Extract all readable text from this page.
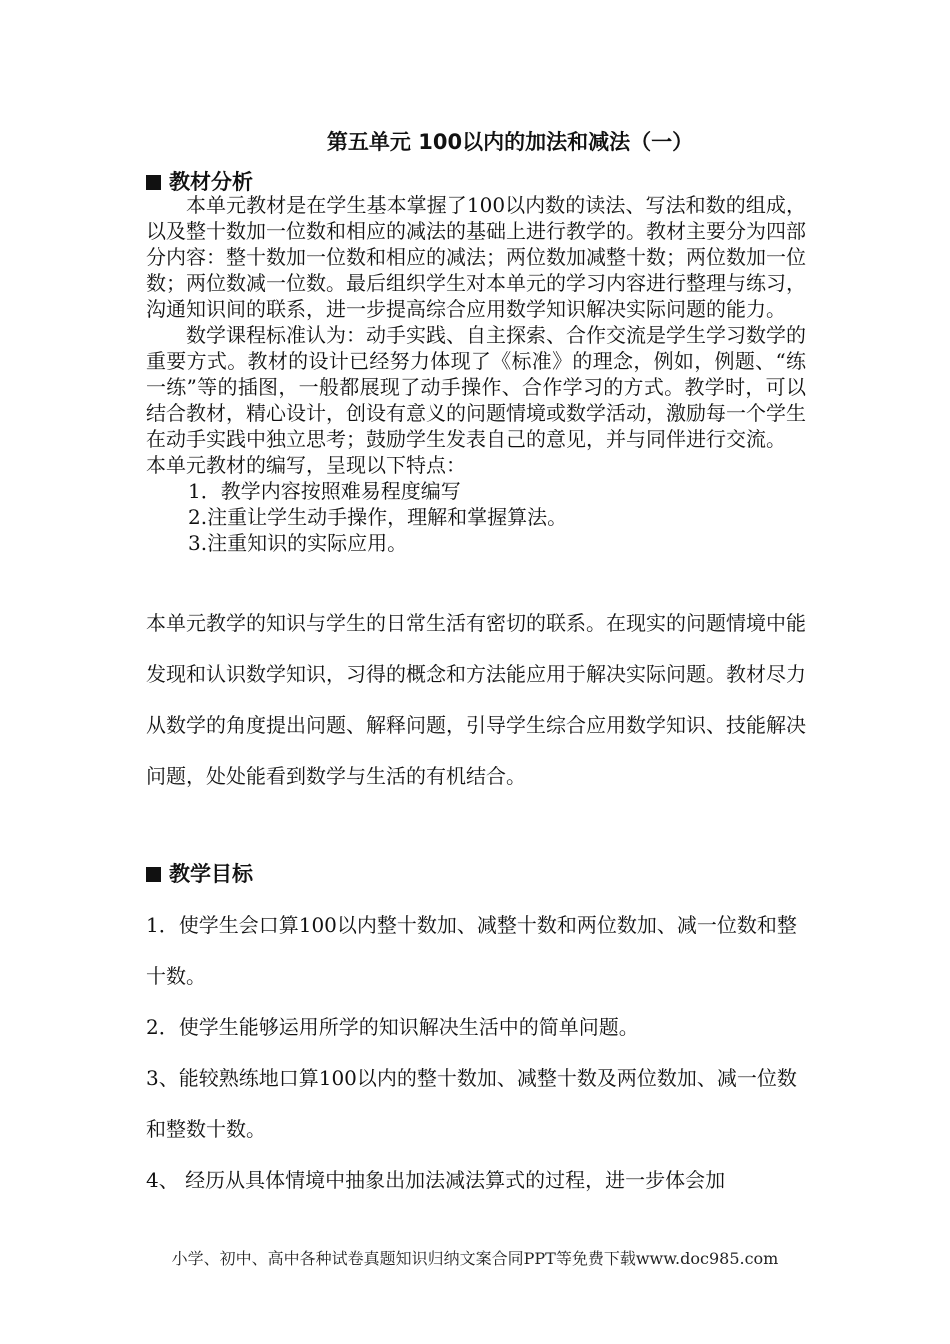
第五单元 100以内的加法和减法（一）
教材分析

本单元教材是在学生基本掌握了100以内数的读法、写法和数的组成，以及整十数加一位数和相应的减法的基础上进行教学的。教材主要分为四部分内容：整十数加一位数和相应的减法；两位数加减整十数；两位数加一位数；两位数减一位数。最后组织学生对本单元的学习内容进行整理与练习，沟通知识间的联系，进一步提高综合应用数学知识解决实际问题的能力。

数学课程标准认为：动手实践、自主探索、合作交流是学生学习数学的重要方式。教材的设计已经努力体现了《标准》的理念，例如，例题、“练一练”等的插图，一般都展现了动手操作、合作学习的方式。教学时，可以结合教材，精心设计，创设有意义的问题情境或数学活动，激励每一个学生在动手实践中独立思考；鼓励学生发表自己的意见，并与同伴进行交流。

本单元教材的编写，呈现以下特点：

1．教学内容按照难易程度编写

2.注重让学生动手操作，理解和掌握算法。

3.注重知识的实际应用。

本单元教学的知识与学生的日常生活有密切的联系。在现实的问题情境中能发现和认识数学知识，习得的概念和方法能应用于解决实际问题。教材尽力从数学的角度提出问题、解释问题，引导学生综合应用数学知识、技能解决问题，处处能看到数学与生活的有机结合。

教学目标

1．使学生会口算100以内整十数加、减整十数和两位数加、减一位数和整十数。

2．使学生能够运用所学的知识解决生活中的简单问题。

3、能较熟练地口算100以内的整十数加、减整十数及两位数加、减一位数和整数十数。

4、 经历从具体情境中抽象出加法减法算式的过程，进一步体会加

小学、初中、高中各种试卷真题知识归纳文案合同PPT等免费下载www.doc985.com
